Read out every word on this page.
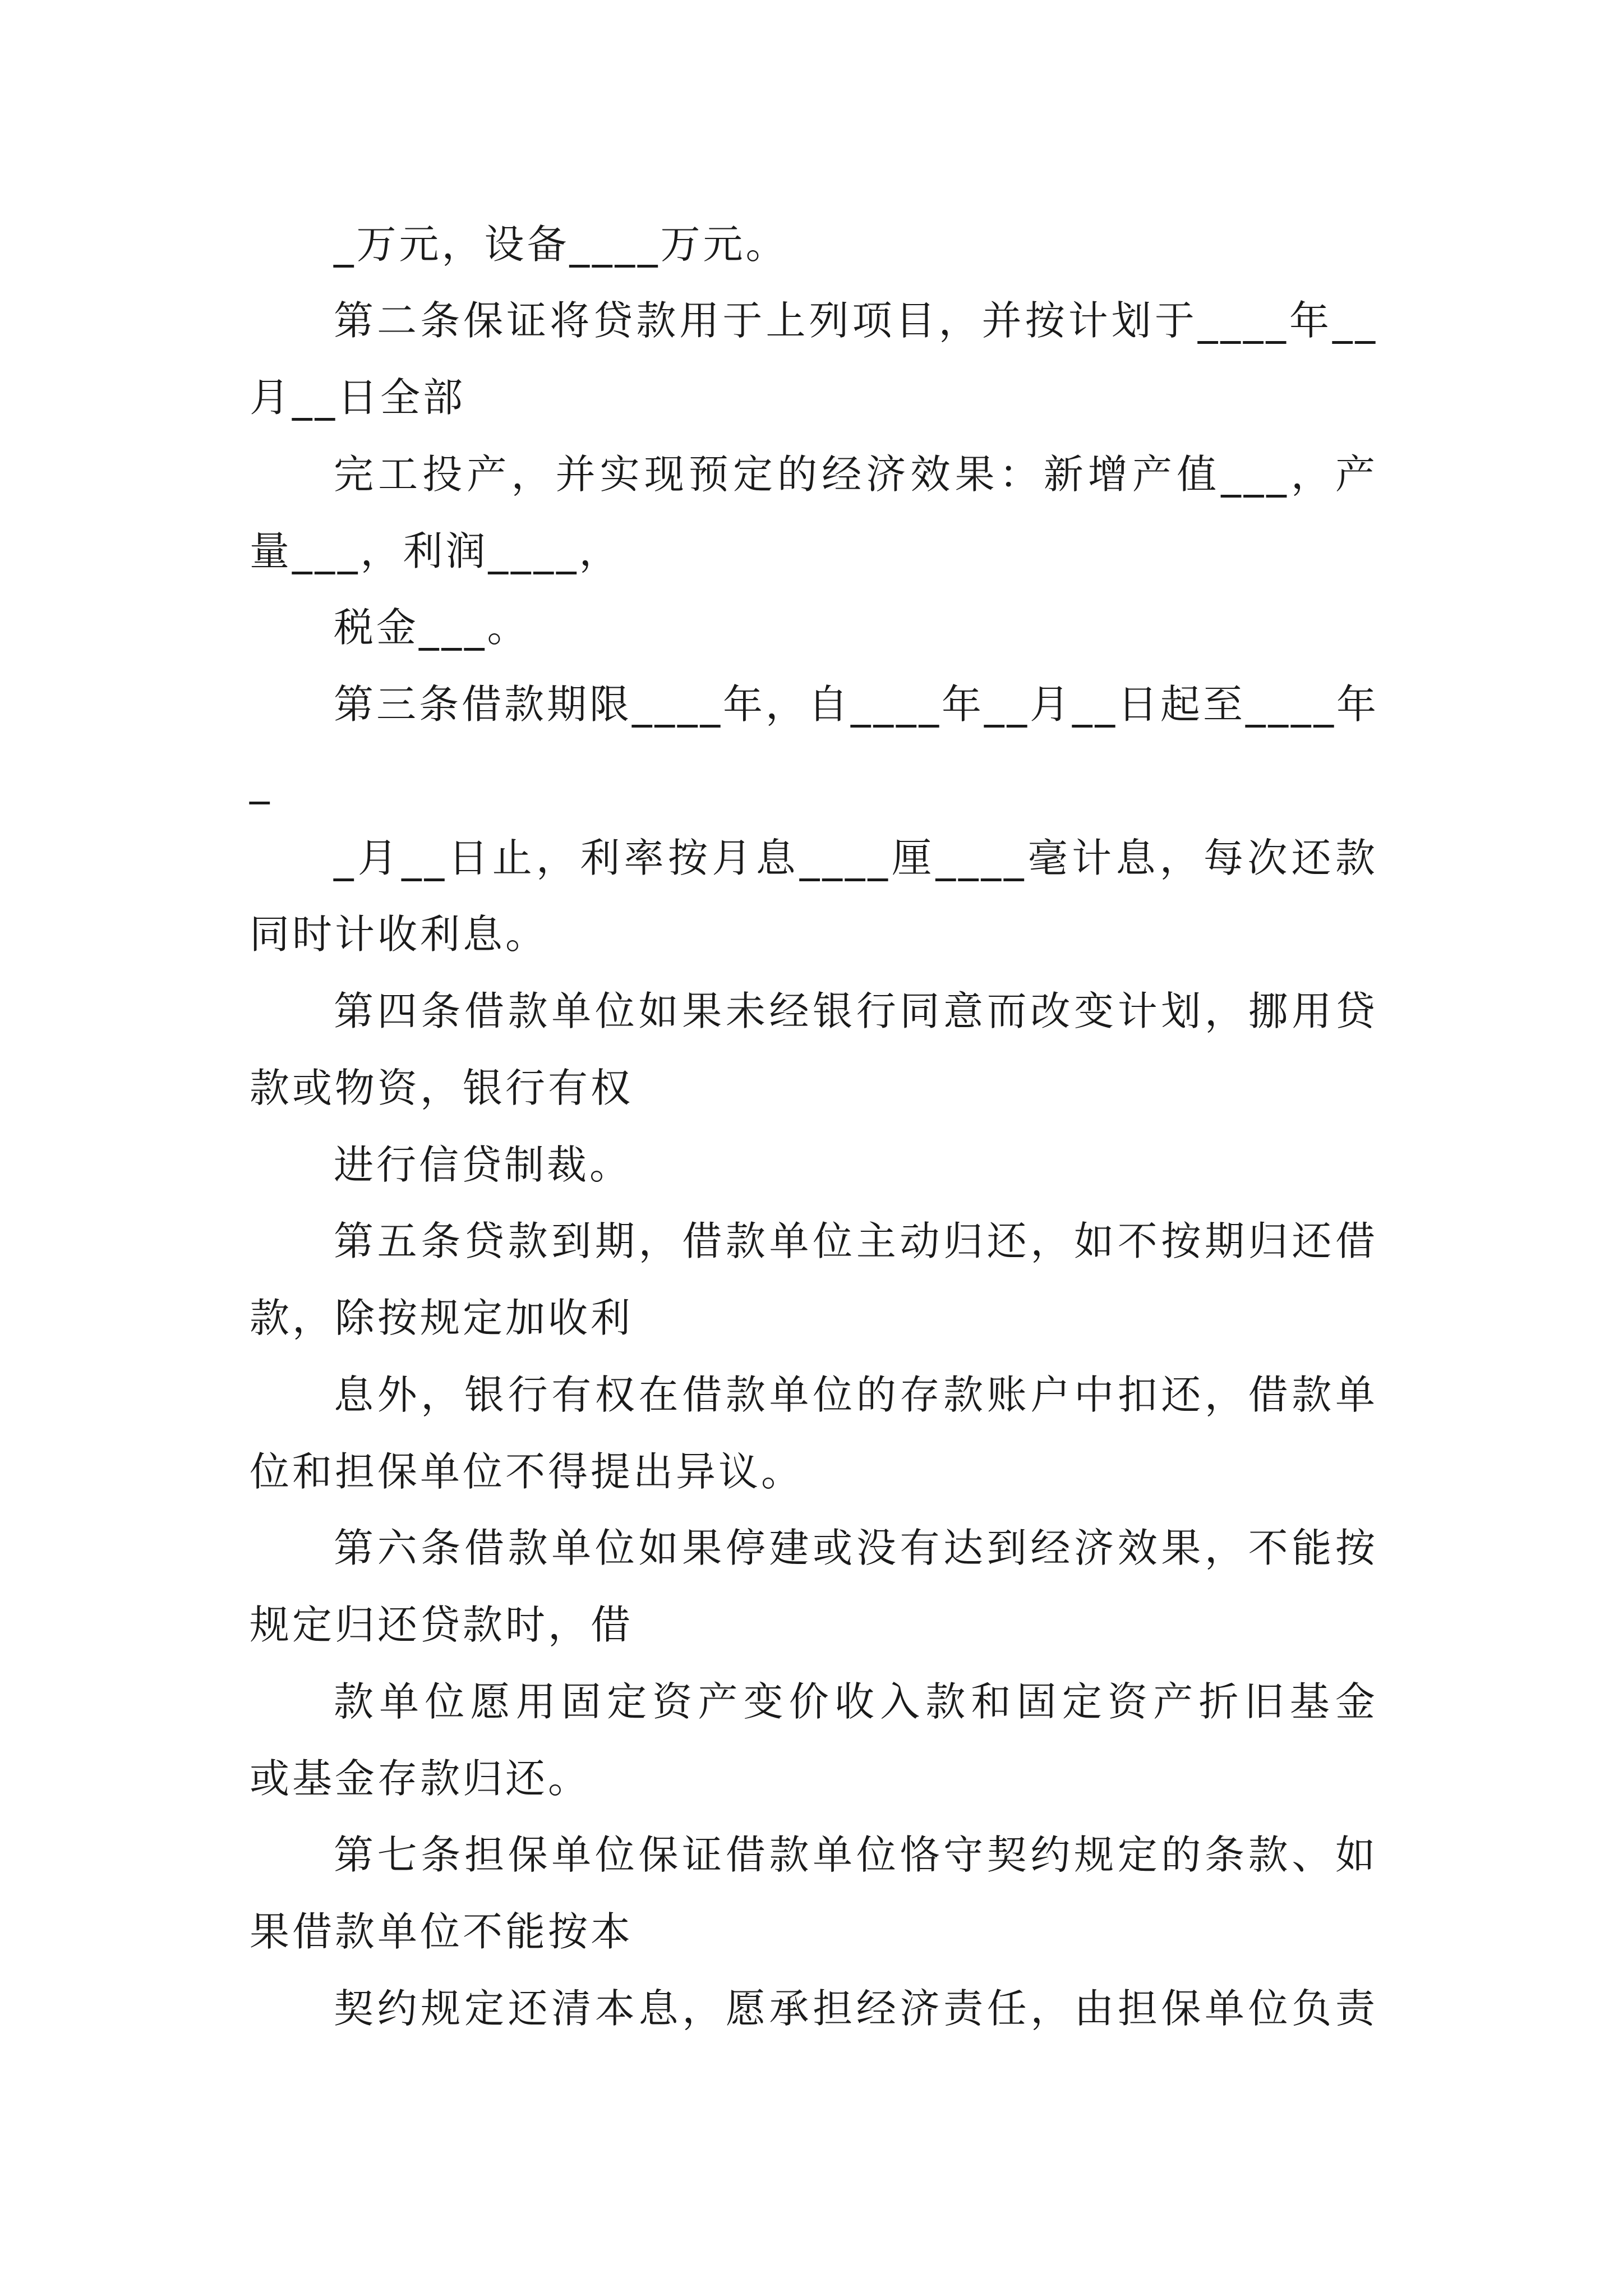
_万元，设备____万元。
第二条保证将贷款用于上列项目，并按计划于____年__
月__日全部
完工投产，并实现预定的经济效果：新增产值___，产
量___，利润____，
税金___。
第三条借款期限____年，自____年__月__日起至____年
_
_月__日止，利率按月息____厘____毫计息，每次还款
同时计收利息。
第四条借款单位如果未经银行同意而改变计划，挪用贷
款或物资，银行有权
进行信贷制裁。
第五条贷款到期，借款单位主动归还，如不按期归还借
款，除按规定加收利
息外，银行有权在借款单位的存款账户中扣还，借款单
位和担保单位不得提出异议。
第六条借款单位如果停建或没有达到经济效果，不能按
规定归还贷款时，借
款单位愿用固定资产变价收入款和固定资产折旧基金
或基金存款归还。
第七条担保单位保证借款单位恪守契约规定的条款、如
果借款单位不能按本
契约规定还清本息，愿承担经济责任，由担保单位负责
